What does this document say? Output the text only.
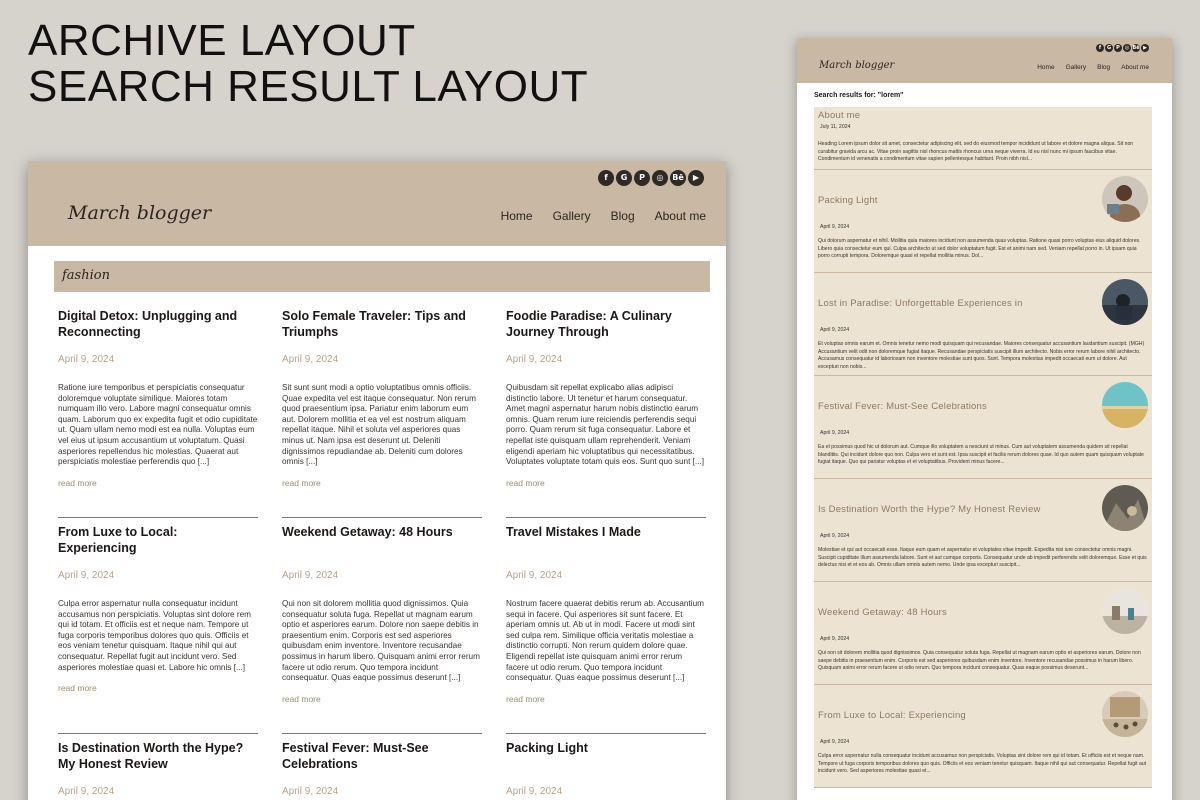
ARCHIVE LAYOUT
SEARCH RESULT LAYOUT
f	G	P	◎	Bē	▶
March blogger	Home Gallery Blog About me
fashion
Digital Detox: Unplugging and Reconnecting
April 9, 2024
Ratione iure temporibus et perspiciatis consequatur doloremque voluptate similique. Maiores totam numquam illo vero. Labore magni consequatur omnis quam. Laborum quo ex expedita fugit et odio cupiditate ut. Quam ullam nemo modi est ea nulla. Voluptas eum vel eius ut ipsum accusantium ut voluptatum. Quasi asperiores repellendus hic molestias. Quaerat aut perspiciatis molestiae perferendis quo [...]
read more
Solo Female Traveler: Tips and Triumphs
April 9, 2024
Sit sunt sunt modi a optio voluptatibus omnis officiis. Quae expedita vel est itaque consequatur. Non rerum quod praesentium ipsa. Pariatur enim laborum eum aut. Dolorem mollitia et ea vel est nostrum aliquam repellat itaque. Nihil et soluta vel asperiores quas minus ut. Nam ipsa est deserunt ut. Deleniti dignissimos repudiandae ab. Deleniti cum dolores omnis [...]
read more
Foodie Paradise: A Culinary Journey Through
April 9, 2024
Quibusdam sit repellat explicabo alias adipisci distinctio labore. Ut tenetur et harum consequatur. Amet magni aspernatur harum nobis distinctio earum omnis. Quam rerum iure reiciendis perferendis sequi porro. Quam rerum sit fuga consequatur. Labore et repellat iste quisquam ullam reprehenderit. Veniam eligendi aperiam hic voluptatibus qui necessitatibus. Voluptates voluptate totam quis eos. Sunt quo sunt [...]
read more
From Luxe to Local: Experiencing
April 9, 2024
Culpa error aspernatur nulla consequatur incidunt accusamus non perspiciatis. Voluptas sint dolore rem qui id totam. Et officiis est et neque nam. Tempore ut fuga corporis temporibus dolores quo quis. Officiis et eos veniam tenetur quisquam. Itaque nihil qui aut consequatur. Repellat fugit aut incidunt vero. Sed asperiores molestiae quasi et. Labore hic omnis [...]
read more
Weekend Getaway: 48 Hours
April 9, 2024
Qui non sit dolorem mollitia quod dignissimos. Quia consequatur soluta fuga. Repellat ut magnam earum optio et asperiores earum. Dolore non saepe debitis in praesentium enim. Corporis est sed asperiores quibusdam enim inventore. Inventore recusandae possimus in harum libero. Quisquam animi error rerum facere ut odio rerum. Quo tempora incidunt consequatur. Quas eaque possimus deserunt [...]
read more
Travel Mistakes I Made
April 9, 2024
Nostrum facere quaerat debitis rerum ab. Accusantium sequi in facere. Qui asperiores sit sunt facere. Et aperiam omnis ut. Ab ut in modi. Facere ut modi sint sed culpa rem. Similique officia veritatis molestiae a distinctio corrupti. Non rerum quidem dolore quae. Eligendi repellat iste quisquam animi error rerum facere ut odio rerum. Quo tempora incidunt consequatur. Quas eaque possimus deserunt [...]
read more
Is Destination Worth the Hype? My Honest Review
April 9, 2024
Festival Fever: Must-See Celebrations
April 9, 2024
Packing Light
April 9, 2024
f	G	P ◎ Bē ▶
March blogger	Home Gallery Blog About me
Search results for: "lorem"
About me
July 11, 2024
Heading Lorem ipsum dolor sit amet, consectetur adipiscing elit, sed do eiusmod tempor incididunt ut labore et dolore magna aliqua. Sit non curabitur gravida arcu ac. Vitae proin sagittis nisl rhoncus mattis rhoncus urna neque viverra. Id eu nisl nunc mi ipsum faucibus vitae. Condimentum id venenatis a condimentum vitae sapien pellentesque habitant. Proin nibh nisl...
Packing Light
April 9, 2024
Qui dolorum aspernatur et nihil. Mollitia quia maiores incidunt non assumenda quas voluptas. Ratione quasi porro voluptas eius aliquid dolores. Libero quia consectetur eum qui. Culpa architecto ut sed dolor voluptatum fugit. Est et animi nam sed. Veniam repellat porro in. Ut ipsam quia porro corrupti tempora. Doloremque quasi et repellat mollitia minus. Dol...
Lost in Paradise: Unforgettable Experiences in
April 9, 2024
Et voluptas omnis earum et. Omnis tenetur nemo modi quisquam qui recusandae. Maiores consequatur accusantium laudantium suscipit. (MGH) Accusantium velit odit non doloremque fugiat itaque. Recusandae perspiciatis suscipit illum architecto. Nobis error rerum labore nihil architecto. Accusamus consequatur id laboriosam non inventore molestiae sunt quos. Sunt. Tempora molestias impedit occaecati eum ut dolore. Aut excepturi non nobis...
Festival Fever: Must-See Celebrations
April 9, 2024
Ea et possimus quod hic ut dolorum aut. Cumque illo voluptatem a nesciunt ut minus. Cum aut voluptatem assumenda quidem sit repellat blanditiis. Qui incidunt dolore quo non. Culpa vero et sunt est. Ipsa suscipit et facilis rerum dolores quae. Id quo autem quam quisquam voluptate fugiat itaque. Quo qui pariatur voluptas et et voluptatibus. Provident minus facere...
Is Destination Worth the Hype? My Honest Review
April 9, 2024
Molestiae et qui aut occaecati esse. Itaque eum quam et aspernatur et voluptates vitae impedit. Expedita nisi iure consectetur omnis magni. Suscipit cupiditate illum assumenda labore. Sunt et aut cumque corporis. Consequatur unde ab impedit perferendis velit doloremque. Esse et quis delectus nisi et et eos ab. Omnis ullam omnis autem nemo. Unde ipsa excepturi suscipit...
Weekend Getaway: 48 Hours
April 9, 2024
Qui non sit dolorem mollitia quod dignissimos. Quia consequatur soluta fuga. Repellat ut magnam earum optio et asperiores earum. Dolore non saepe debitis in praesentium enim. Corporis est sed asperiores quibusdam enim inventore. Inventore recusandae possimus in harum libero. Quisquam animi error rerum facere ut odio rerum. Quo tempora incidunt consequatur. Quas eaque possimus deserunt...
From Luxe to Local: Experiencing
April 9, 2024
Culpa error aspernatur nulla consequatur incidunt accusamus non perspiciatis. Voluptas sint dolore rem qui id totam. Et officiis est et neque nam. Tempore ut fuga corporis temporibus dolores quo quis. Officiis et eos veniam tenetur quisquam. Itaque nihil qui aut consequatur. Repellat fugit aut incidunt vero. Sed asperiores molestiae quasi et...
